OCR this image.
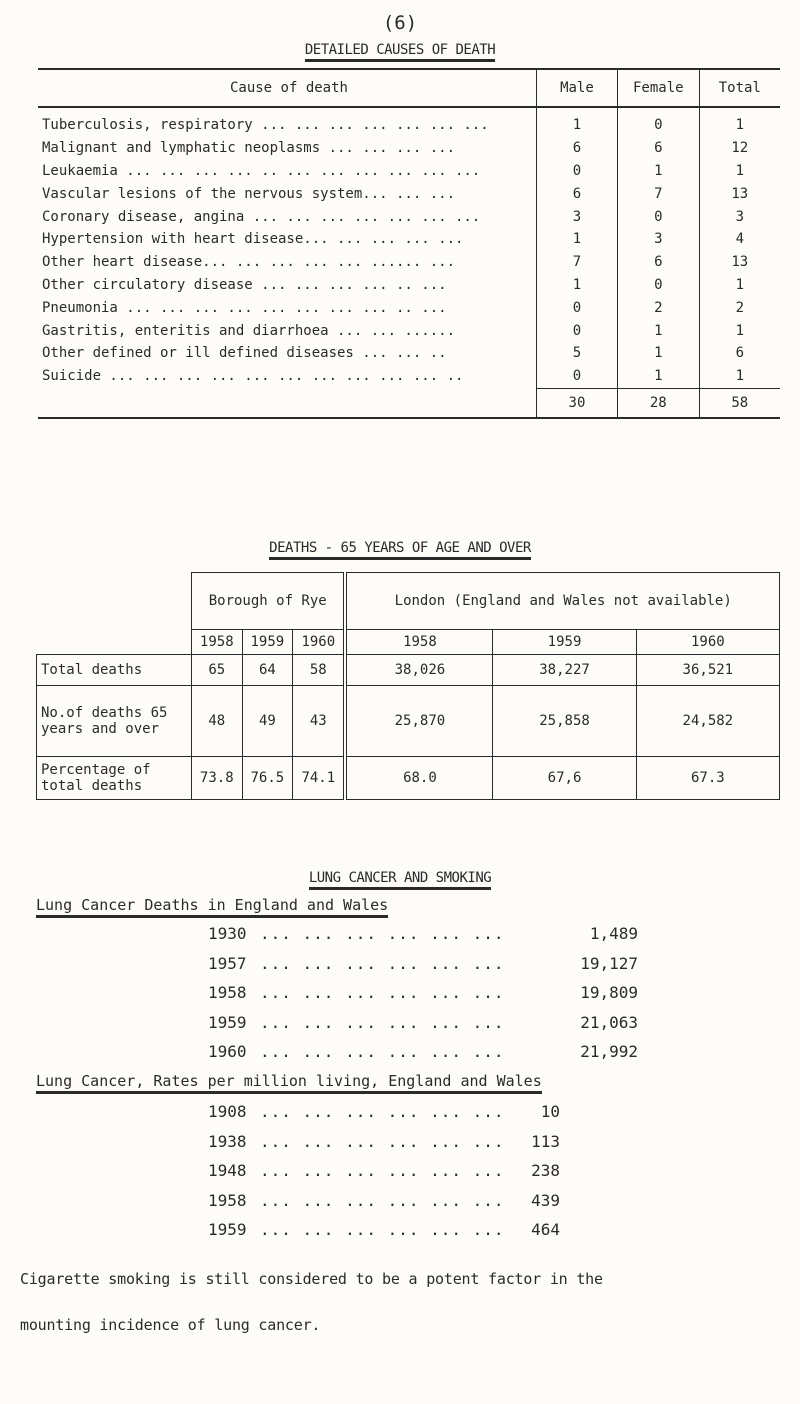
(6)
DETAILED CAUSES OF DEATH
Cause of death	Male	Female	Total

Tuberculosis, respiratory ... ... ... ... ... ... ...	1	0	1

Malignant and lymphatic neoplasms ... ... ... ...	6	6	12

Leukaemia ... ... ... ... .. ... ... ... ... ... ...	0	1	1

Vascular lesions of the nervous system... ... ...	6	7	13

Coronary disease, angina ... ... ... ... ... ... ...	3	0	3

Hypertension with heart disease... ... ... ... ...	1	3	4

Other heart disease... ... ... ... ... ...... ...	7	6	13

Other circulatory disease ... ... ... ... .. ...	1	0	1

Pneumonia ... ... ... ... ... ... ... ... .. ...	0	2	2

Gastritis, enteritis and diarrhoea ... ... ......	0	1	1

Other defined or ill defined diseases ... ... ..	5	1	6

Suicide ... ... ... ... ... ... ... ... ... ... ..	0	1	1
	30	28	58
DEATHS - 65 YEARS OF AGE AND OVER
	Borough of Rye			London (England and Wales not available)		
	1958	1959	1960	1958	1959	1960
Total deaths	65	64	58	38,026	38,227	36,521
No.of deaths 65 years and over	48	49	43	25,870	25,858	24,582
Percentage of total deaths	73.8	76.5	74.1	68.0	67,6	67.3
LUNG CANCER AND SMOKING
Lung Cancer Deaths in England and Wales
1930 ... ... ... ... ... ...	1,489
1957 ... ... ... ... ... ...	19,127
1958 ... ... ... ... ... ...	19,809
1959 ... ... ... ... ... ...	21,063
1960 ... ... ... ... ... ...	21,992
Lung Cancer, Rates per million living, England and Wales
1908 ... ... ... ... ... ... 10
1938 ... ... ... ... ... ... 113
1948 ... ... ... ... ... ... 238
1958 ... ... ... ... ... ... 439
1959 ... ... ... ... ... ... 464
Cigarette smoking is still considered to be a potent factor in the
mounting incidence of lung cancer.
